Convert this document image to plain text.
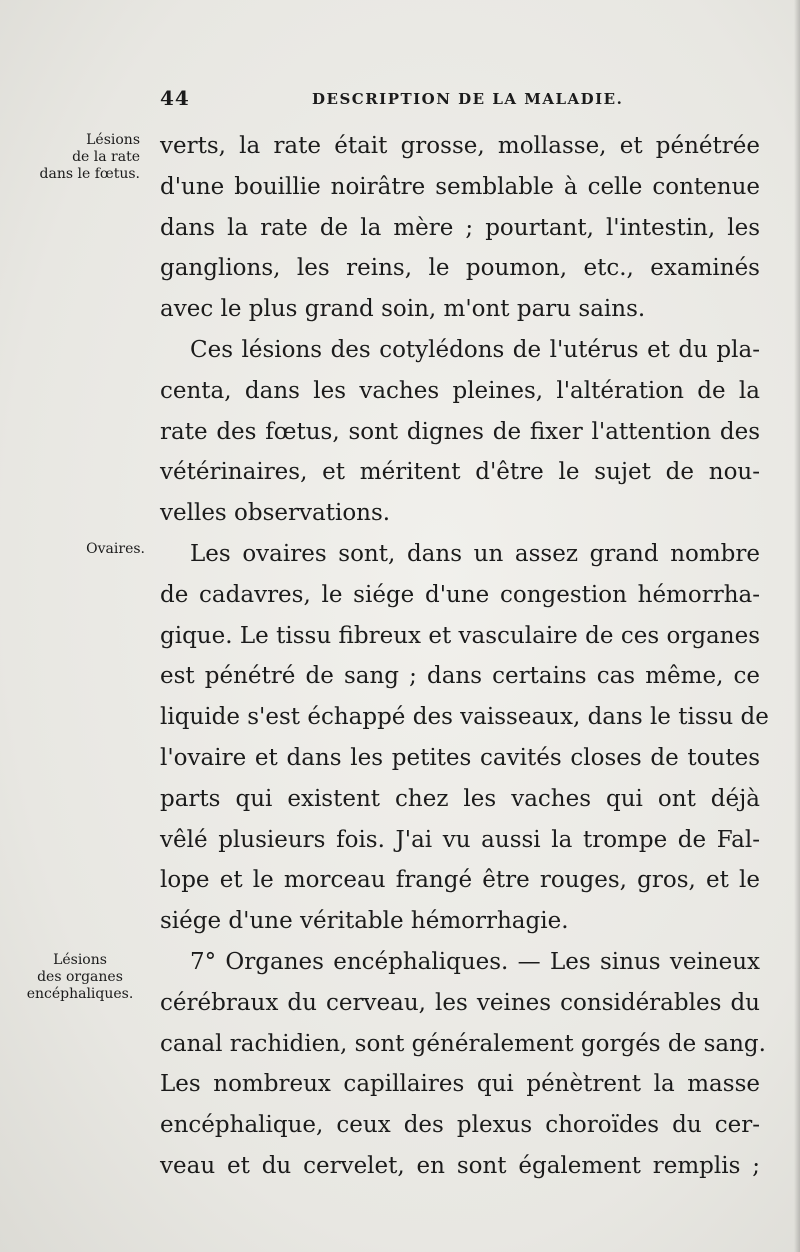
44	DESCRIPTION DE LA MALADIE.
Lésions
de la rate
dans le fœtus.
Ovaires.
Lésions
des organes
encéphaliques.
verts, la rate était grosse, mollasse, et pénétrée
d'une bouillie noirâtre semblable à celle contenue
dans la rate de la mère ; pourtant, l'intestin, les
ganglions, les reins, le poumon, etc., examinés
avec le plus grand soin, m'ont paru sains.
Ces lésions des cotylédons de l'utérus et du pla-
centa, dans les vaches pleines, l'altération de la
rate des fœtus, sont dignes de fixer l'attention des
vétérinaires, et méritent d'être le sujet de nou-
velles observations.
Les ovaires sont, dans un assez grand nombre
de cadavres, le siége d'une congestion hémorrha-
gique. Le tissu fibreux et vasculaire de ces organes
est pénétré de sang ; dans certains cas même, ce
liquide s'est échappé des vaisseaux, dans le tissu de
l'ovaire et dans les petites cavités closes de toutes
parts qui existent chez les vaches qui ont déjà
vêlé plusieurs fois. J'ai vu aussi la trompe de Fal-
lope et le morceau frangé être rouges, gros, et le
siége d'une véritable hémorrhagie.
7° Organes encéphaliques. — Les sinus veineux
cérébraux du cerveau, les veines considérables du
canal rachidien, sont généralement gorgés de sang.
Les nombreux capillaires qui pénètrent la masse
encéphalique, ceux des plexus choroïdes du cer-
veau et du cervelet, en sont également remplis ;
